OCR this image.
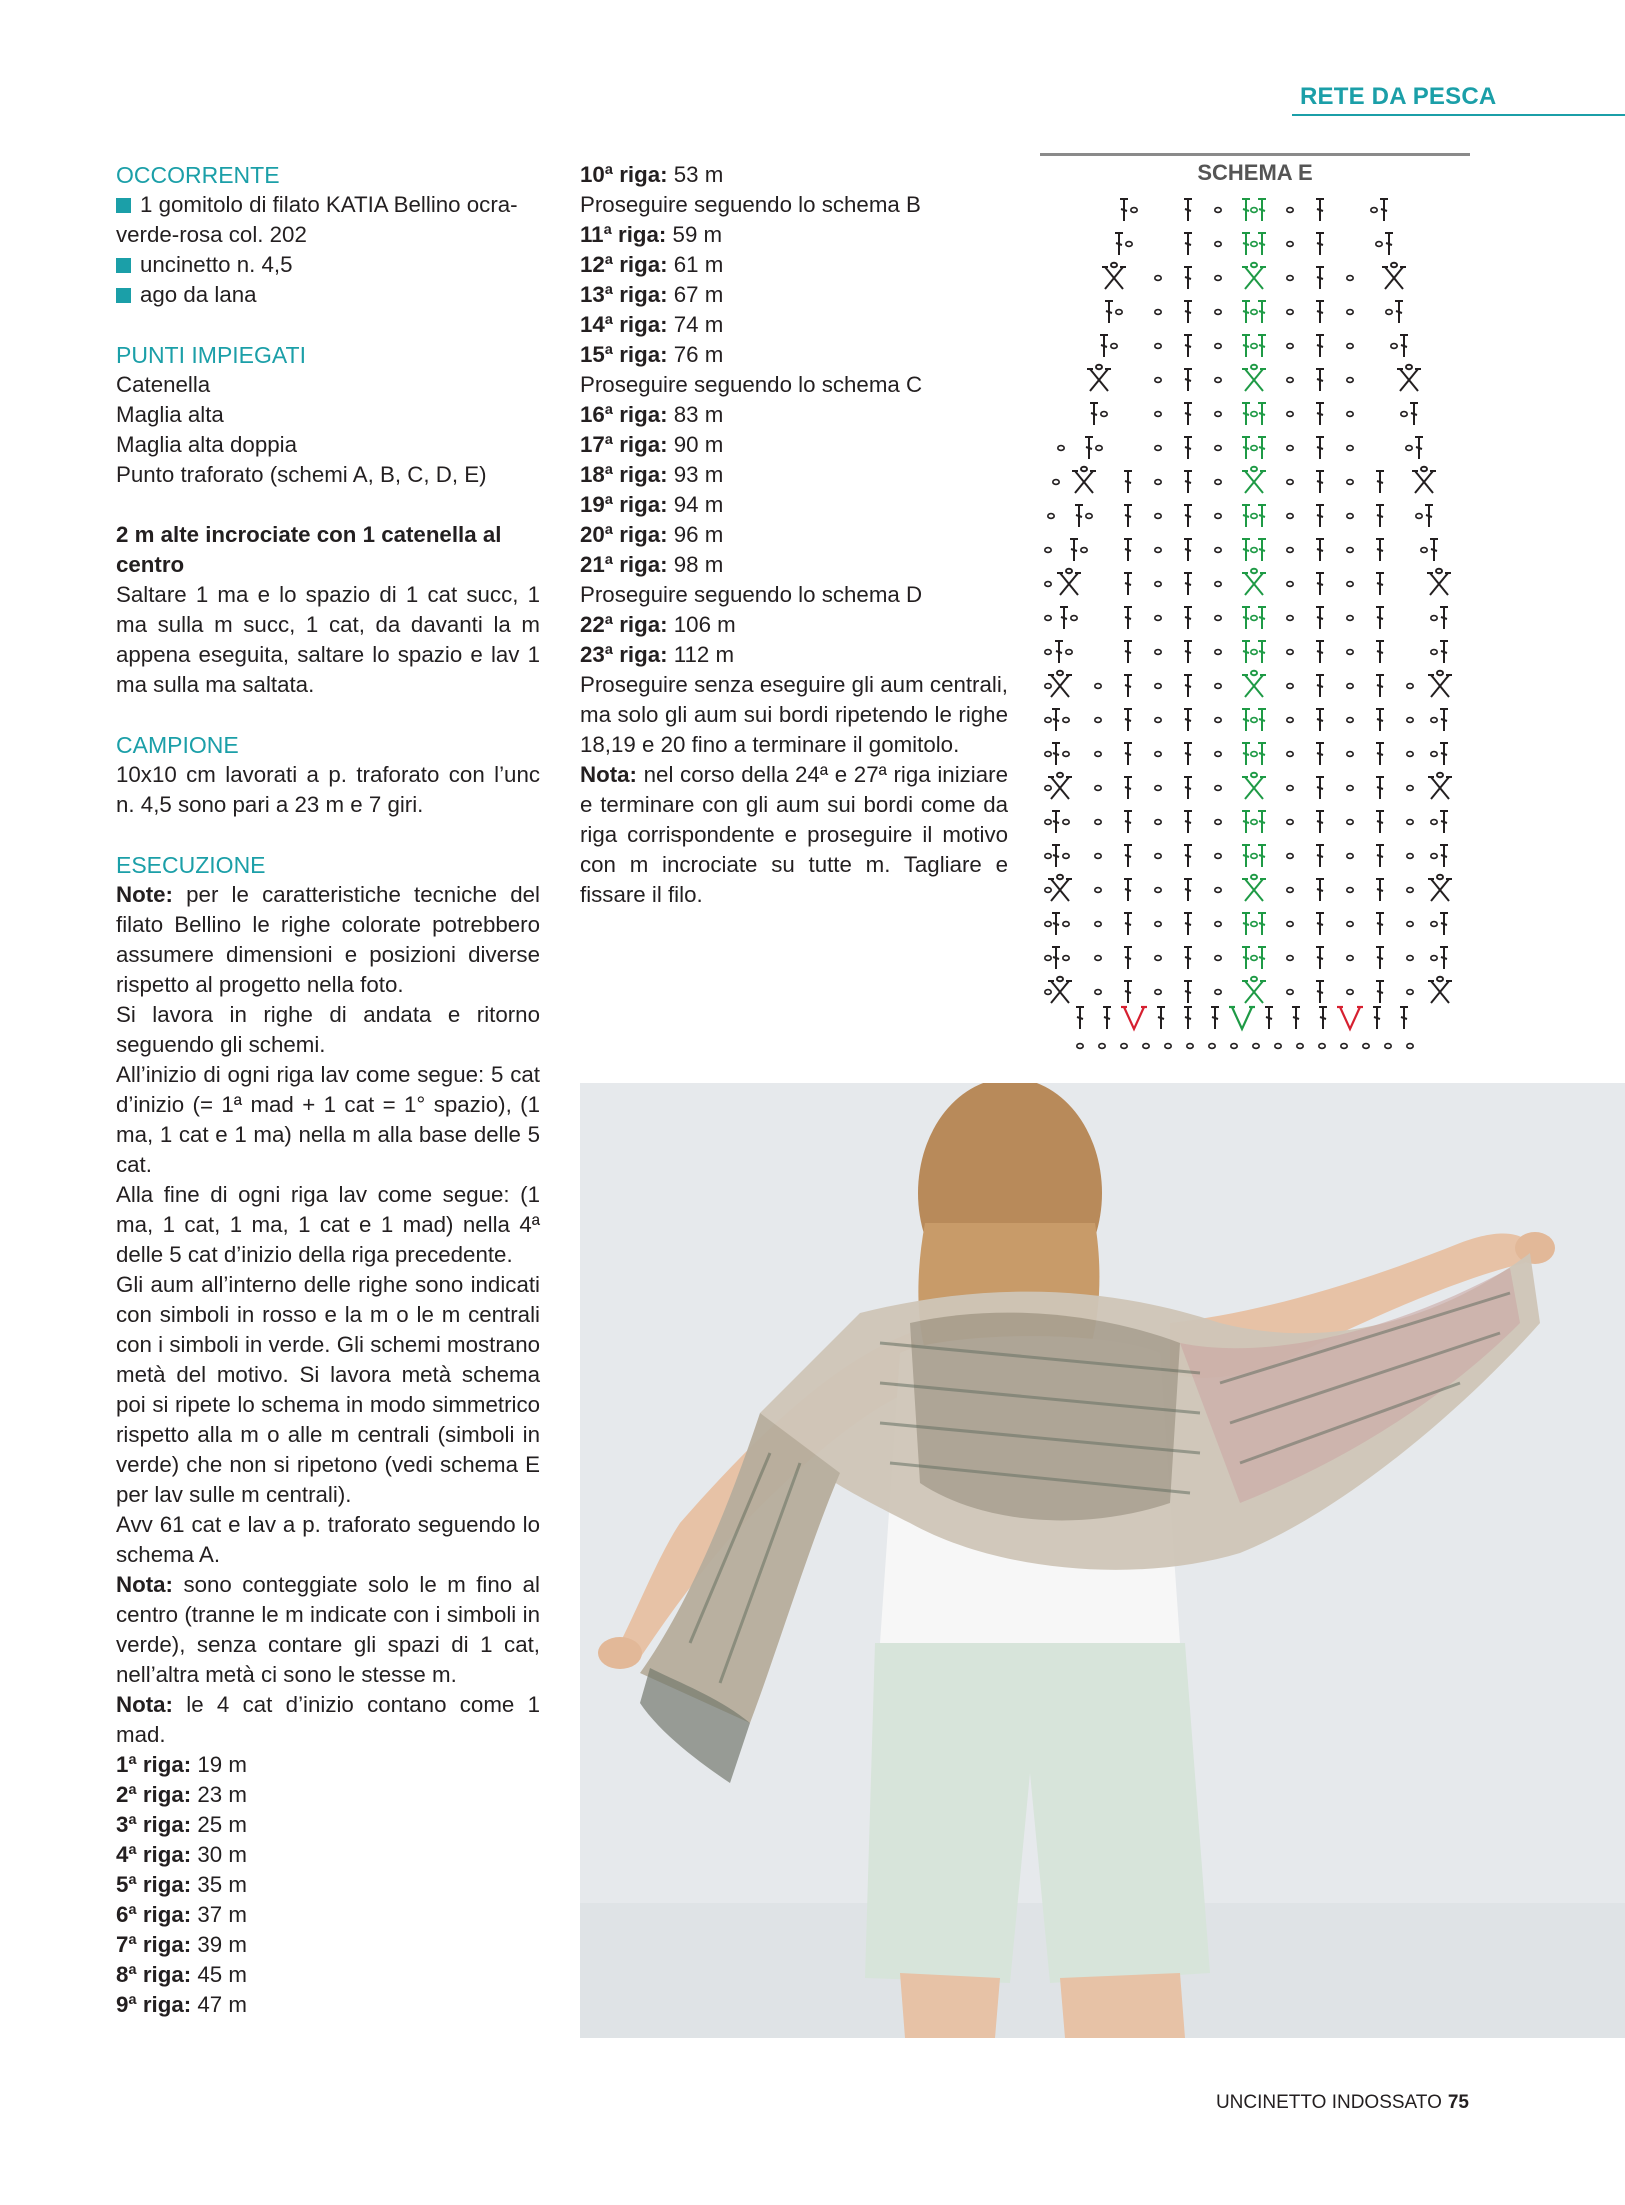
RETE DA PESCA

OCCORRENTE

1 gomitolo di filato KATIA Bellino ocra-verde-rosa col. 202

uncinetto n. 4,5

ago da lana

PUNTI IMPIEGATI

Catenella

Maglia alta

Maglia alta doppia

Punto traforato (schemi A, B, C, D, E)

2 m alte incrociate con 1 catenella al centro

Saltare 1 ma e lo spazio di 1 cat succ, 1 ma sulla m succ, 1 cat, da davanti la m appena eseguita, saltare lo spazio e lav 1 ma sulla ma saltata.

CAMPIONE

10x10 cm lavorati a p. traforato con l’unc n. 4,5 sono pari a 23 m e 7 giri.

ESECUZIONE

Note: per le caratteristiche tecniche del filato Bellino le righe colorate potrebbero assumere dimensioni e posizioni diverse rispetto al progetto nella foto.

Si lavora in righe di andata e ritorno seguendo gli schemi.

All’inizio di ogni riga lav come segue: 5 cat d’inizio (= 1ª mad + 1 cat = 1° spazio), (1 ma, 1 cat e 1 ma) nella m alla base delle 5 cat.

Alla fine di ogni riga lav come segue: (1 ma, 1 cat, 1 ma, 1 cat e 1 mad) nella 4ª delle 5 cat d’inizio della riga precedente.

Gli aum all’interno delle righe sono indicati con simboli in rosso e la m o le m centrali con i simboli in verde. Gli schemi mostrano metà del motivo. Si lavora metà schema poi si ripete lo schema in modo simmetrico rispetto alla m o alle m centrali (simboli in verde) che non si ripetono (vedi schema E per lav sulle m centrali).

Avv 61 cat e lav a p. traforato seguendo lo schema A.

Nota: sono conteggiate solo le m fino al centro (tranne le m indicate con i simboli in verde), senza contare gli spazi di 1 cat, nell’altra metà ci sono le stesse m.

Nota: le 4 cat d’inizio contano come 1 mad.

1ª riga: 19 m

2ª riga: 23 m

3ª riga: 25 m

4ª riga: 30 m

5ª riga: 35 m

6ª riga: 37 m

7ª riga: 39 m

8ª riga: 45 m

9ª riga: 47 m

10ª riga: 53 m

Proseguire seguendo lo schema B

11ª riga: 59 m

12ª riga: 61 m

13ª riga: 67 m

14ª riga: 74 m

15ª riga: 76 m

Proseguire seguendo lo schema C

16ª riga: 83 m

17ª riga: 90 m

18ª riga: 93 m

19ª riga: 94 m

20ª riga: 96 m

21ª riga: 98 m

Proseguire seguendo lo schema D

22ª riga: 106 m

23ª riga: 112 m

Proseguire senza eseguire gli aum centrali, ma solo gli aum sui bordi ripetendo le righe 18,19 e 20 fino a terminare il gomitolo.

Nota: nel corso della 24ª e 27ª riga iniziare e terminare con gli aum sui bordi come da riga corrispondente e proseguire il motivo con m incrociate su tutte m. Tagliare e fissare il filo.

SCHEMA E
UNCINETTO INDOSSATO 75
